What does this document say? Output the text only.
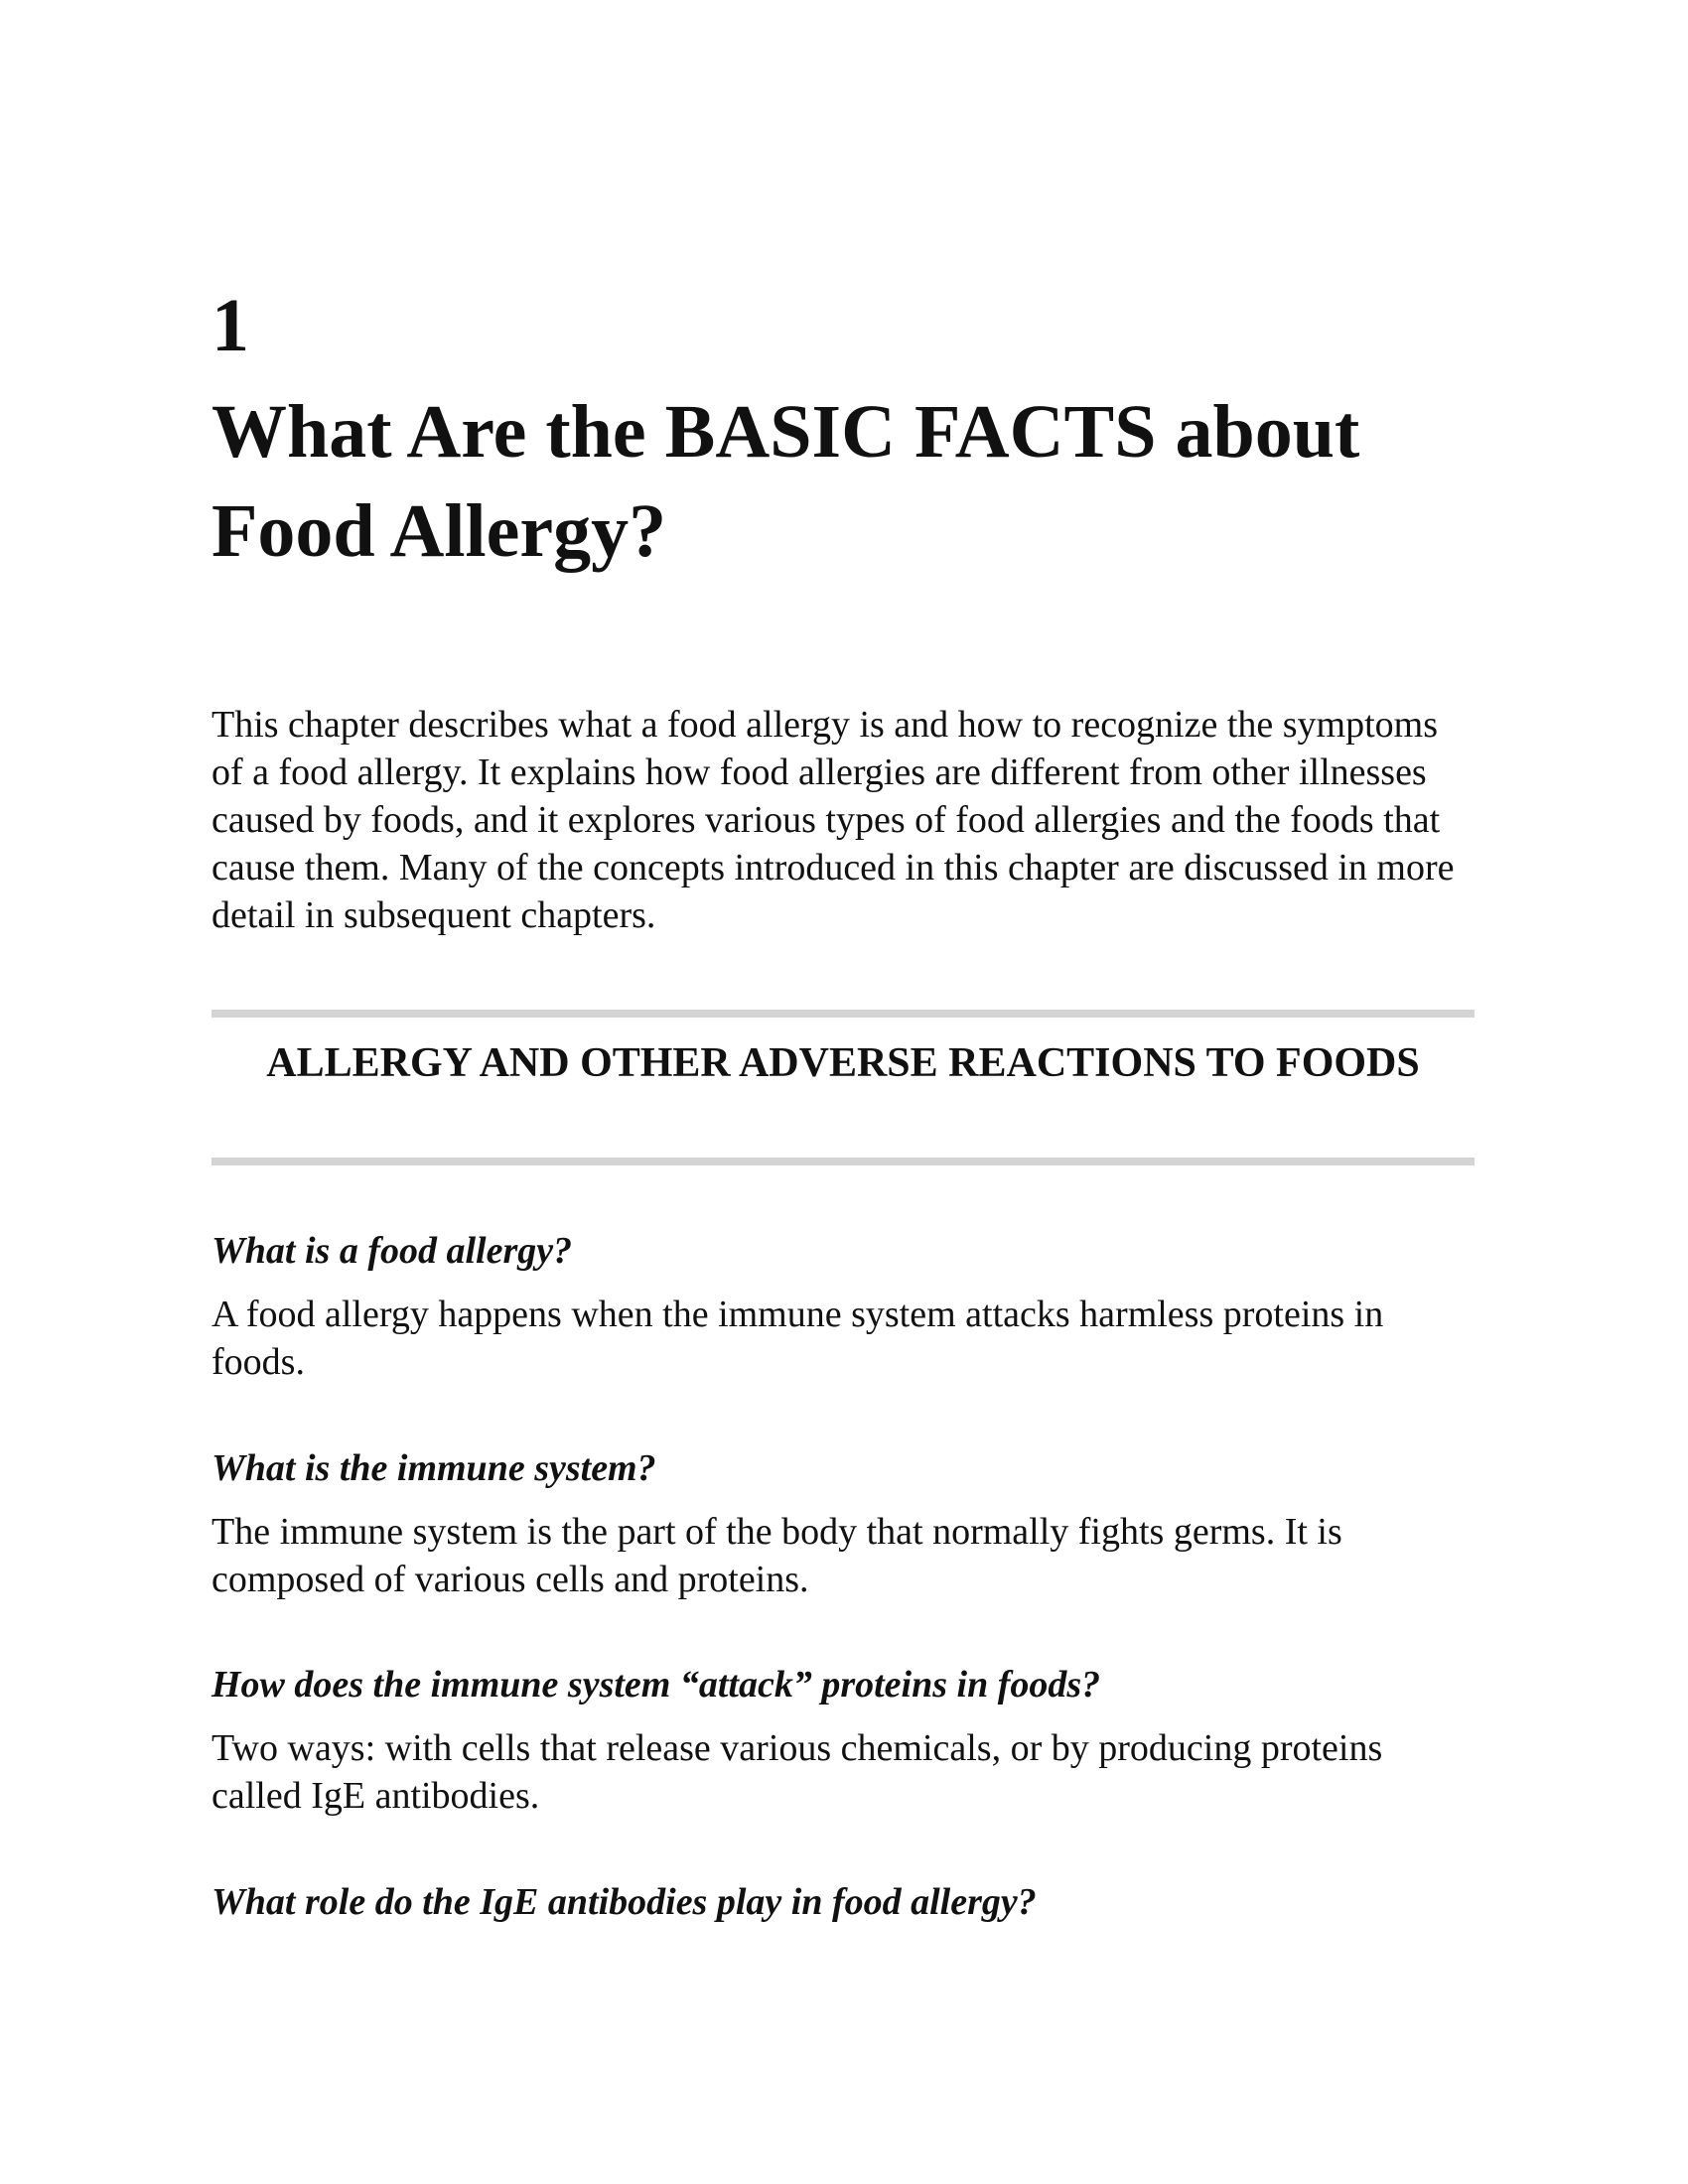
1
What Are the BASIC FACTS about Food Allergy?

This chapter describes what a food allergy is and how to recognize the symptoms of a food allergy. It explains how food allergies are different from other illnesses caused by foods, and it explores various types of food allergies and the foods that cause them. Many of the concepts introduced in this chapter are discussed in more detail in subsequent chapters.

ALLERGY AND OTHER ADVERSE REACTIONS TO FOODS

What is a food allergy?

A food allergy happens when the immune system attacks harmless proteins in foods.

What is the immune system?

The immune system is the part of the body that normally fights germs. It is composed of various cells and proteins.

How does the immune system “attack” proteins in foods?

Two ways: with cells that release various chemicals, or by producing proteins called IgE antibodies.

What role do the IgE antibodies play in food allergy?
